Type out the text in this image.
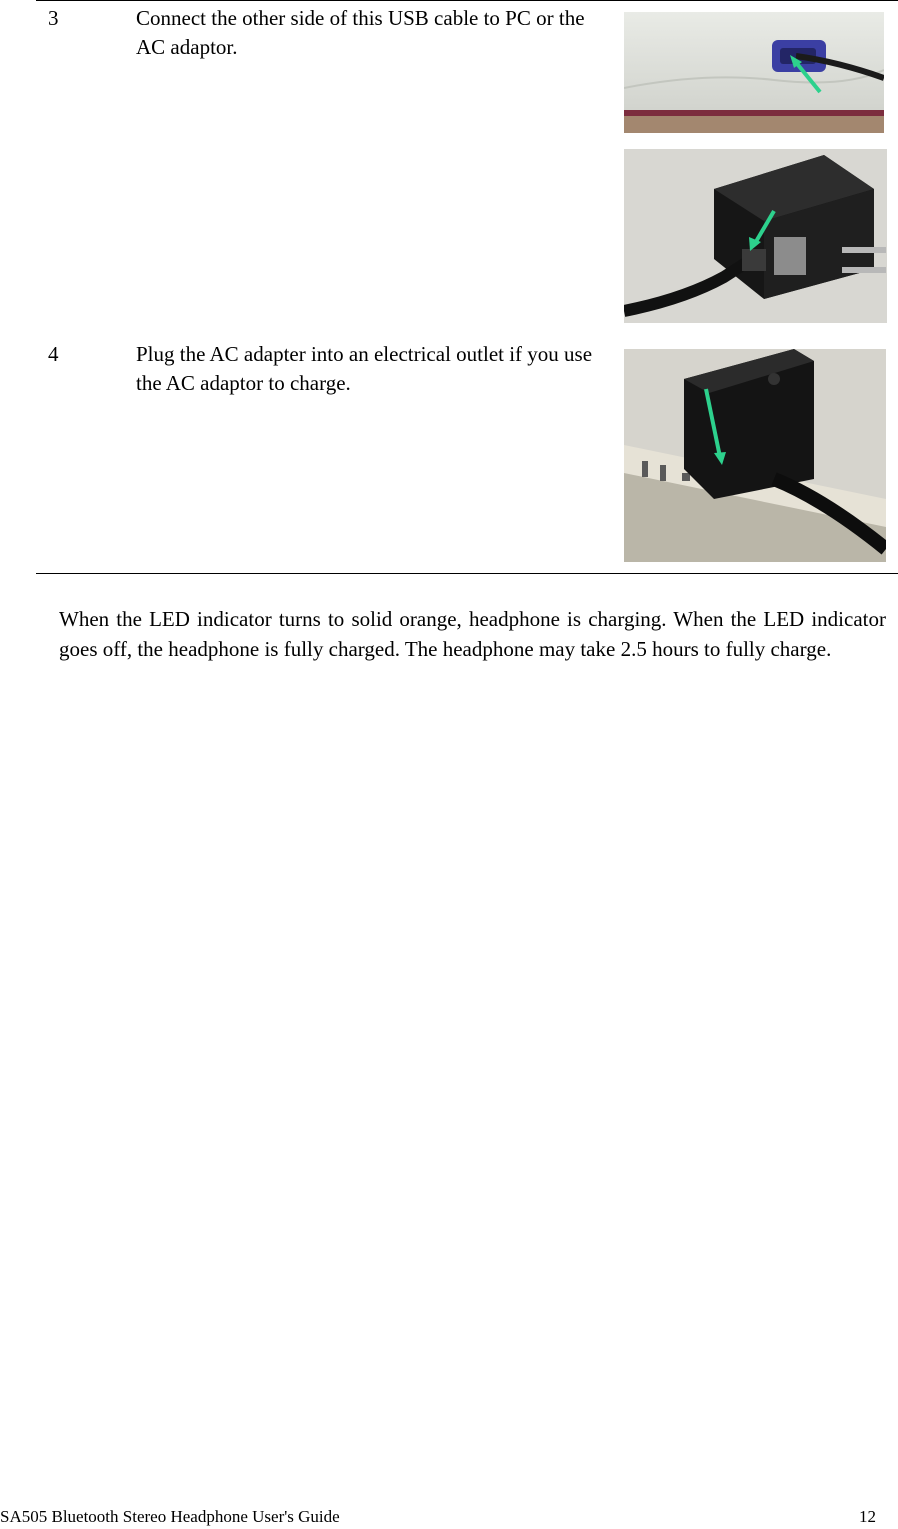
3	Connect the other side of this USB cable to PC or the AC adaptor.
4	Plug the AC adapter into an electrical outlet if you use the AC adaptor to charge.
When the LED indicator turns to solid orange, headphone is charging. When the LED indicator goes off, the headphone is fully charged. The headphone may take 2.5 hours to fully charge.
SA505 Bluetooth Stereo Headphone User's Guide	12
